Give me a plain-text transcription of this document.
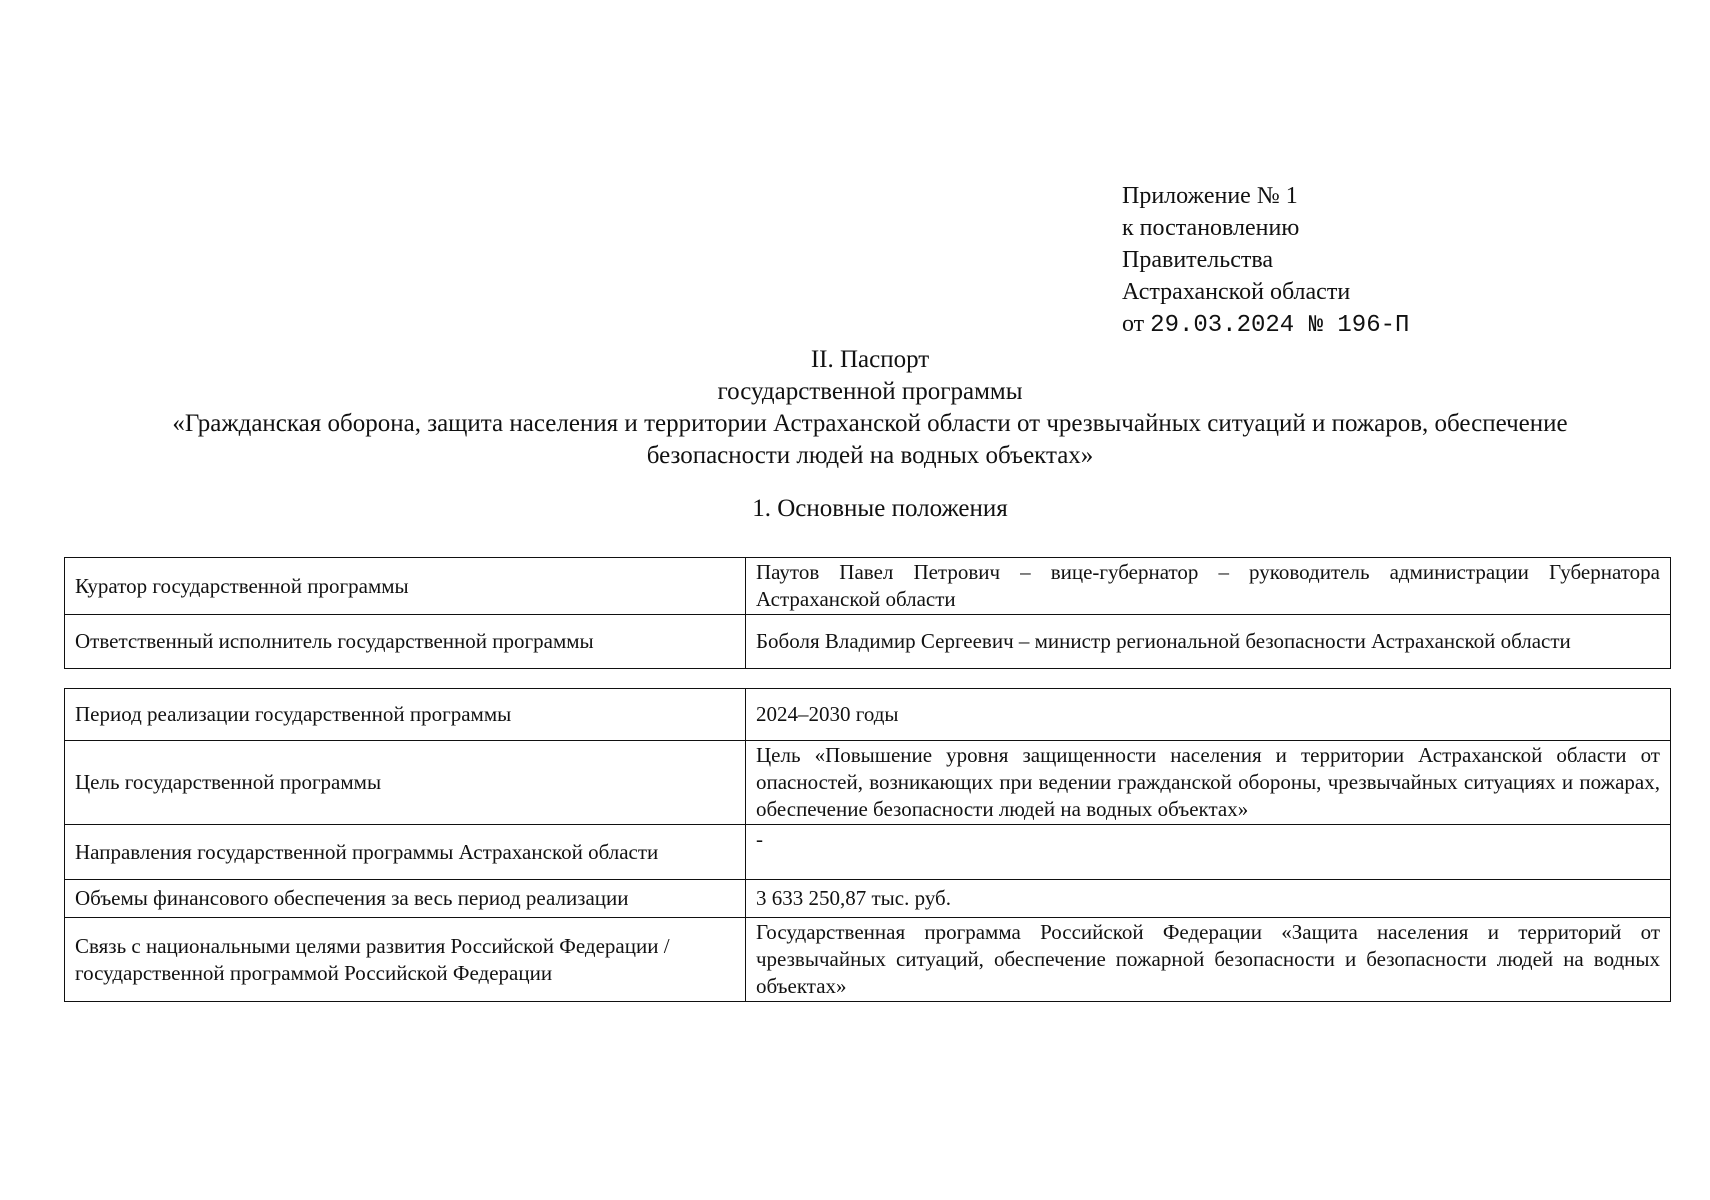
Приложение № 1
к постановлению
Правительства
Астраханской области
от 29.03.2024 № 196-П
II. Паспорт
государственной программы
«Гражданская оборона, защита населения и территории Астраханской области от чрезвычайных ситуаций и пожаров, обеспечение
безопасности людей на водных объектах»
1. Основные положения
Куратор государственной программы	Паутов Павел Петрович – вице-губернатор – руководитель администрации Губернатора Астраханской области
Ответственный исполнитель государственной программы	Боболя Владимир Сергеевич – министр региональной безопасности Астраханской области
Период реализации государственной программы	2024–2030 годы
Цель государственной программы	Цель «Повышение уровня защищенности населения и территории Астраханской области от опасностей, возникающих при ведении гражданской обороны, чрезвычайных ситуациях и пожарах, обеспечение безопасности людей на водных объектах»
Направления государственной программы Астраханской области	-
Объемы финансового обеспечения за весь период реализации	3 633 250,87 тыс. руб.
Связь с национальными целями развития Российской Федерации / государственной программой Российской Федерации	Государственная программа Российской Федерации «Защита населения и территорий от чрезвычайных ситуаций, обеспечение пожарной безопасности и безопасности людей на водных объектах»
